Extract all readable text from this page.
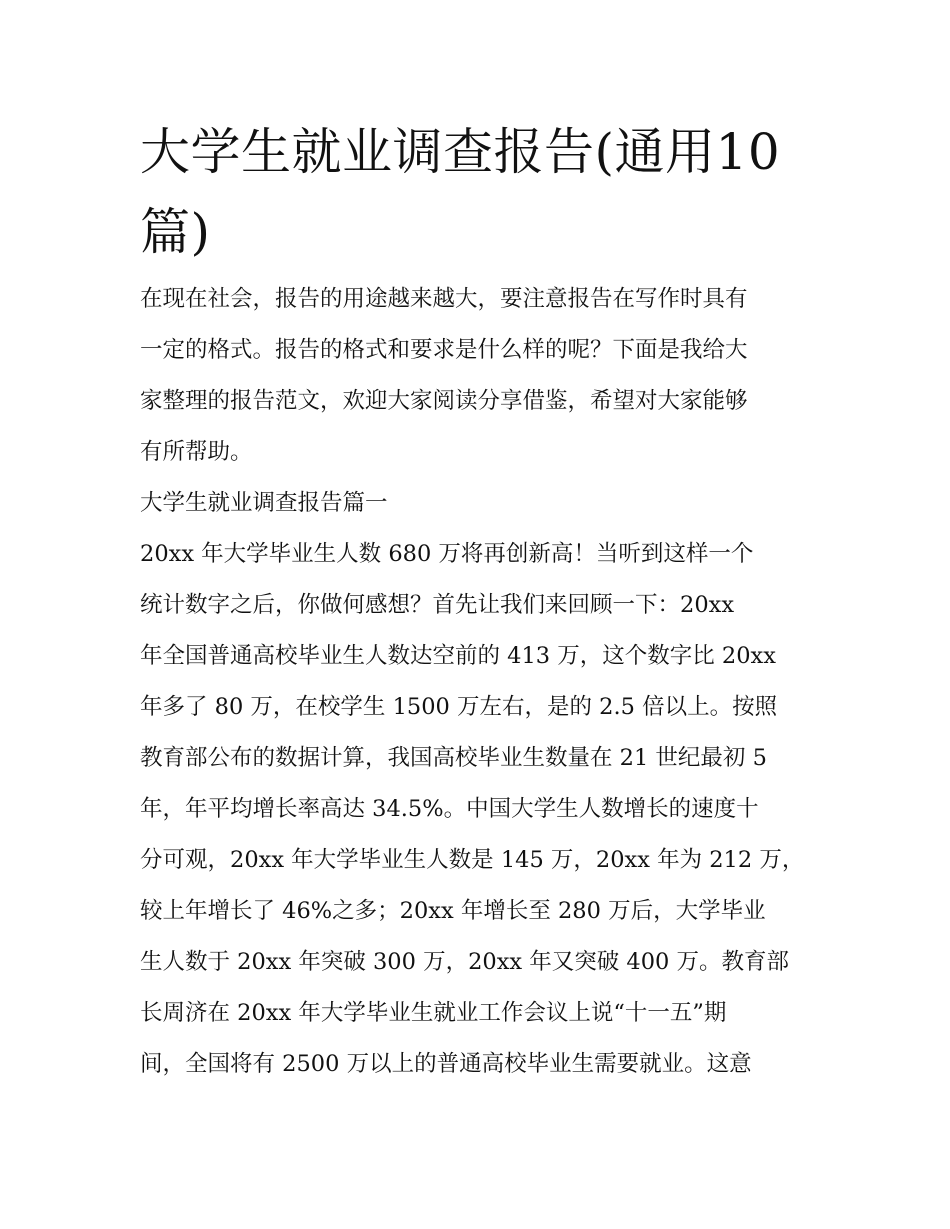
大学生就业调查报告(通用10
篇)

在现在社会，报告的用途越来越大，要注意报告在写作时具有
一定的格式。报告的格式和要求是什么样的呢？下面是我给大
家整理的报告范文，欢迎大家阅读分享借鉴，希望对大家能够
有所帮助。

大学生就业调查报告篇一

20xx 年大学毕业生人数 680 万将再创新高！当听到这样一个
统计数字之后，你做何感想？首先让我们来回顾一下：20xx
年全国普通高校毕业生人数达空前的 413 万，这个数字比 20xx
年多了 80 万，在校学生 1500 万左右，是的 2.5 倍以上。按照
教育部公布的数据计算，我国高校毕业生数量在 21 世纪最初 5
年，年平均增长率高达 34.5%。中国大学生人数增长的速度十
分可观，20xx 年大学毕业生人数是 145 万，20xx 年为 212 万，
较上年增长了 46%之多；20xx 年增长至 280 万后，大学毕业
生人数于 20xx 年突破 300 万，20xx 年又突破 400 万。教育部
长周济在 20xx 年大学毕业生就业工作会议上说“十一五”期
间，全国将有 2500 万以上的普通高校毕业生需要就业。这意
